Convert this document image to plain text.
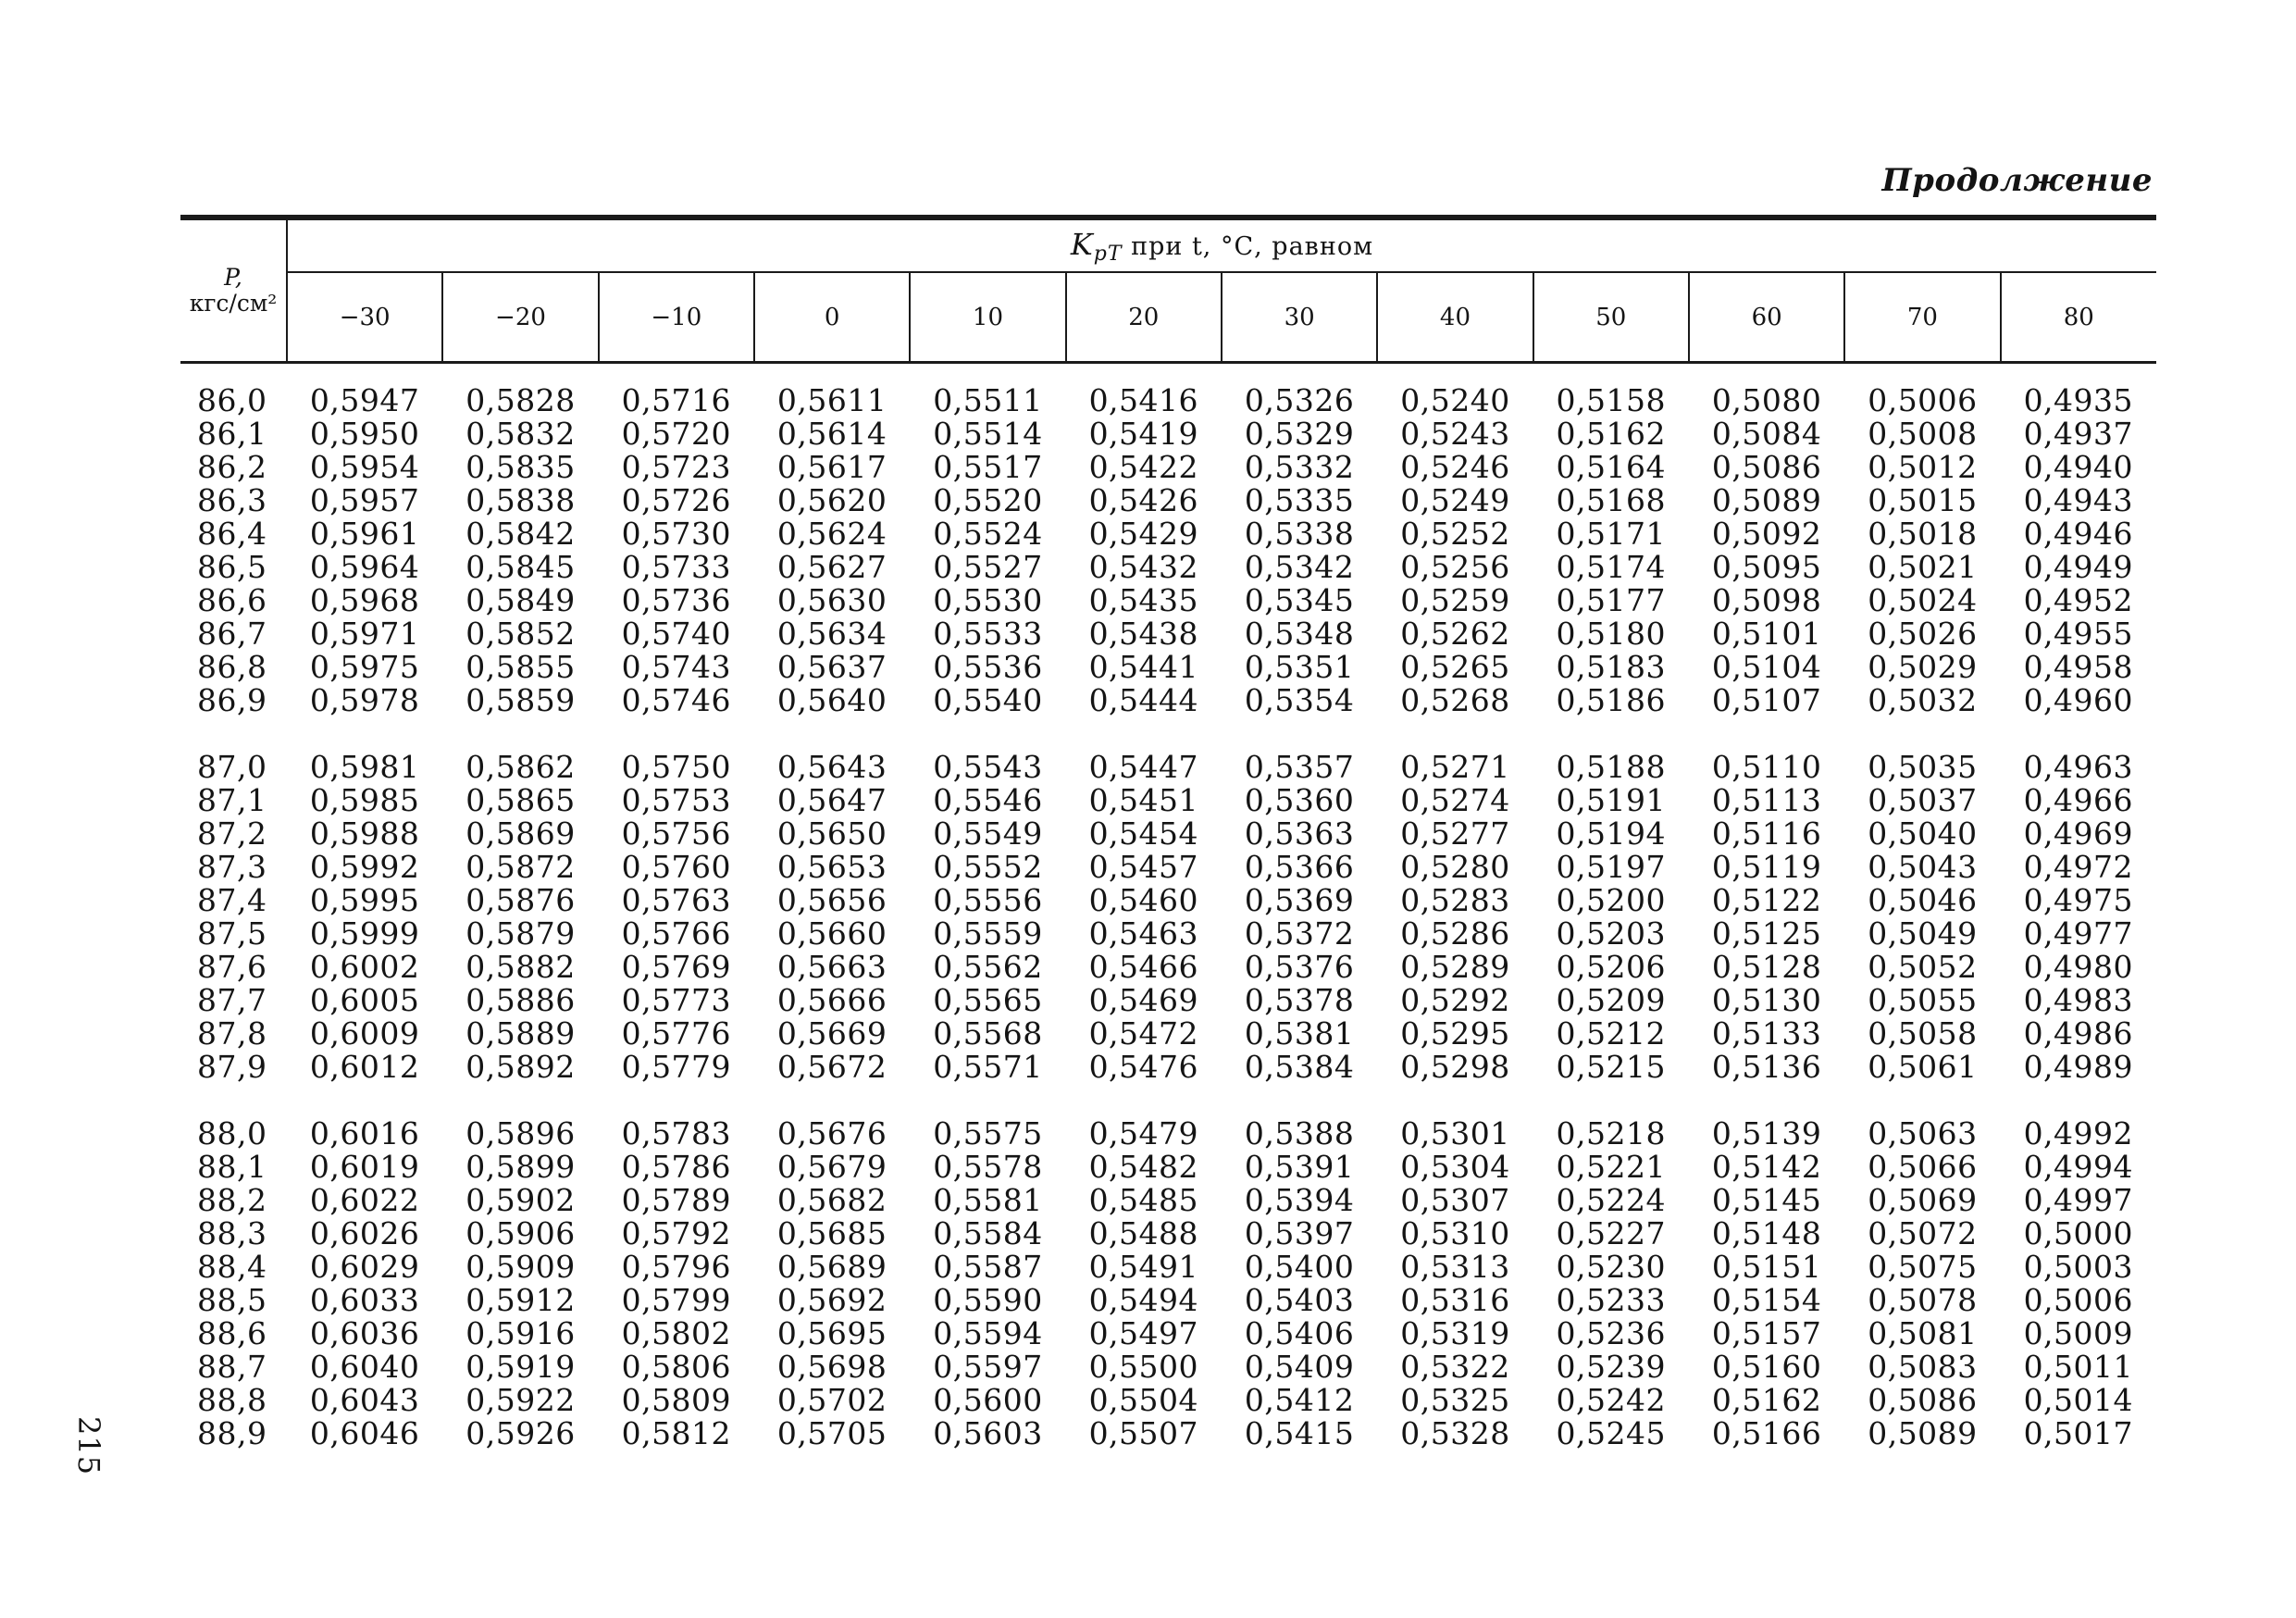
Продолжение
P,
кгс/см²	$K_{рT}$ при t, °С, равном											
	−30	−20	−10	0	10	20	30	40	50	60	70	80

86,0	0,5947	0,5828	0,5716	0,5611	0,5511	0,5416	0,5326	0,5240	0,5158	0,5080	0,5006	0,4935
86,1	0,5950	0,5832	0,5720	0,5614	0,5514	0,5419	0,5329	0,5243	0,5162	0,5084	0,5008	0,4937
86,2	0,5954	0,5835	0,5723	0,5617	0,5517	0,5422	0,5332	0,5246	0,5164	0,5086	0,5012	0,4940
86,3	0,5957	0,5838	0,5726	0,5620	0,5520	0,5426	0,5335	0,5249	0,5168	0,5089	0,5015	0,4943
86,4	0,5961	0,5842	0,5730	0,5624	0,5524	0,5429	0,5338	0,5252	0,5171	0,5092	0,5018	0,4946
86,5	0,5964	0,5845	0,5733	0,5627	0,5527	0,5432	0,5342	0,5256	0,5174	0,5095	0,5021	0,4949
86,6	0,5968	0,5849	0,5736	0,5630	0,5530	0,5435	0,5345	0,5259	0,5177	0,5098	0,5024	0,4952
86,7	0,5971	0,5852	0,5740	0,5634	0,5533	0,5438	0,5348	0,5262	0,5180	0,5101	0,5026	0,4955
86,8	0,5975	0,5855	0,5743	0,5637	0,5536	0,5441	0,5351	0,5265	0,5183	0,5104	0,5029	0,4958
86,9	0,5978	0,5859	0,5746	0,5640	0,5540	0,5444	0,5354	0,5268	0,5186	0,5107	0,5032	0,4960

87,0	0,5981	0,5862	0,5750	0,5643	0,5543	0,5447	0,5357	0,5271	0,5188	0,5110	0,5035	0,4963
87,1	0,5985	0,5865	0,5753	0,5647	0,5546	0,5451	0,5360	0,5274	0,5191	0,5113	0,5037	0,4966
87,2	0,5988	0,5869	0,5756	0,5650	0,5549	0,5454	0,5363	0,5277	0,5194	0,5116	0,5040	0,4969
87,3	0,5992	0,5872	0,5760	0,5653	0,5552	0,5457	0,5366	0,5280	0,5197	0,5119	0,5043	0,4972
87,4	0,5995	0,5876	0,5763	0,5656	0,5556	0,5460	0,5369	0,5283	0,5200	0,5122	0,5046	0,4975
87,5	0,5999	0,5879	0,5766	0,5660	0,5559	0,5463	0,5372	0,5286	0,5203	0,5125	0,5049	0,4977
87,6	0,6002	0,5882	0,5769	0,5663	0,5562	0,5466	0,5376	0,5289	0,5206	0,5128	0,5052	0,4980
87,7	0,6005	0,5886	0,5773	0,5666	0,5565	0,5469	0,5378	0,5292	0,5209	0,5130	0,5055	0,4983
87,8	0,6009	0,5889	0,5776	0,5669	0,5568	0,5472	0,5381	0,5295	0,5212	0,5133	0,5058	0,4986
87,9	0,6012	0,5892	0,5779	0,5672	0,5571	0,5476	0,5384	0,5298	0,5215	0,5136	0,5061	0,4989

88,0	0,6016	0,5896	0,5783	0,5676	0,5575	0,5479	0,5388	0,5301	0,5218	0,5139	0,5063	0,4992
88,1	0,6019	0,5899	0,5786	0,5679	0,5578	0,5482	0,5391	0,5304	0,5221	0,5142	0,5066	0,4994
88,2	0,6022	0,5902	0,5789	0,5682	0,5581	0,5485	0,5394	0,5307	0,5224	0,5145	0,5069	0,4997
88,3	0,6026	0,5906	0,5792	0,5685	0,5584	0,5488	0,5397	0,5310	0,5227	0,5148	0,5072	0,5000
88,4	0,6029	0,5909	0,5796	0,5689	0,5587	0,5491	0,5400	0,5313	0,5230	0,5151	0,5075	0,5003
88,5	0,6033	0,5912	0,5799	0,5692	0,5590	0,5494	0,5403	0,5316	0,5233	0,5154	0,5078	0,5006
88,6	0,6036	0,5916	0,5802	0,5695	0,5594	0,5497	0,5406	0,5319	0,5236	0,5157	0,5081	0,5009
88,7	0,6040	0,5919	0,5806	0,5698	0,5597	0,5500	0,5409	0,5322	0,5239	0,5160	0,5083	0,5011
88,8	0,6043	0,5922	0,5809	0,5702	0,5600	0,5504	0,5412	0,5325	0,5242	0,5162	0,5086	0,5014
88,9	0,6046	0,5926	0,5812	0,5705	0,5603	0,5507	0,5415	0,5328	0,5245	0,5166	0,5089	0,5017
215
